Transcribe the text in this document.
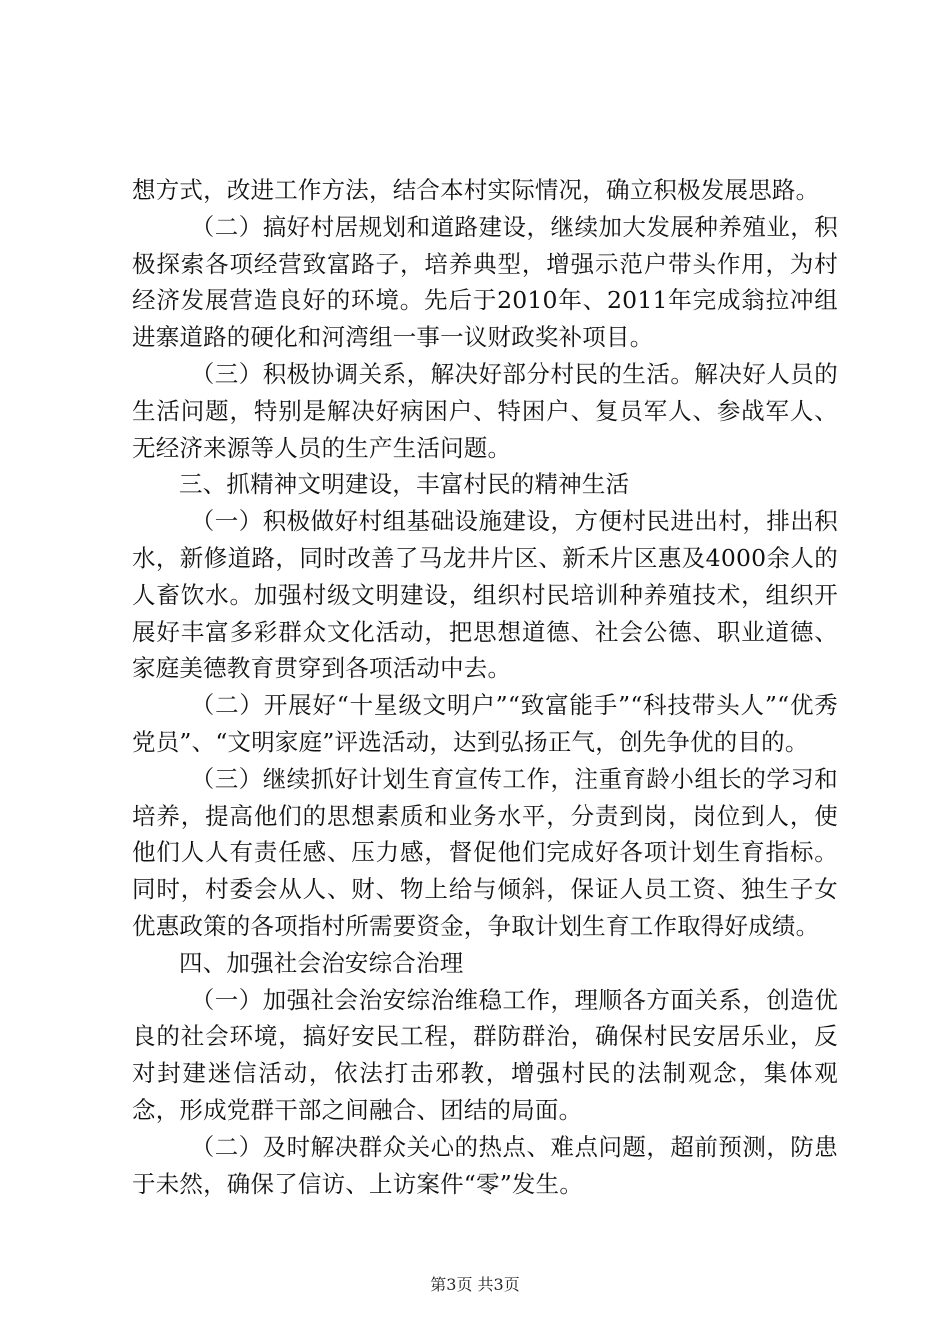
想方式，改进工作方法，结合本村实际情况，确立积极发展思路。

（二）搞好村居规划和道路建设，继续加大发展种养殖业，积极探索各项经营致富路子，培养典型，增强示范户带头作用，为村经济发展营造良好的环境。先后于2010年、2011年完成翁拉冲组进寨道路的硬化和河湾组一事一议财政奖补项目。

（三）积极协调关系，解决好部分村民的生活。解决好人员的生活问题，特别是解决好病困户、特困户、复员军人、参战军人、无经济来源等人员的生产生活问题。

三、抓精神文明建设，丰富村民的精神生活

（一）积极做好村组基础设施建设，方便村民进出村，排出积水，新修道路，同时改善了马龙井片区、新禾片区惠及4000余人的人畜饮水。加强村级文明建设，组织村民培训种养殖技术，组织开展好丰富多彩群众文化活动，把思想道德、社会公德、职业道德、家庭美德教育贯穿到各项活动中去。

（二）开展好“十星级文明户”“致富能手”“科技带头人”“优秀党员”、“文明家庭”评选活动，达到弘扬正气，创先争优的目的。

（三）继续抓好计划生育宣传工作，注重育龄小组长的学习和培养，提高他们的思想素质和业务水平，分责到岗，岗位到人，使他们人人有责任感、压力感，督促他们完成好各项计划生育指标。同时，村委会从人、财、物上给与倾斜，保证人员工资、独生子女优惠政策的各项指村所需要资金，争取计划生育工作取得好成绩。

四、加强社会治安综合治理

（一）加强社会治安综治维稳工作，理顺各方面关系，创造优良的社会环境，搞好安民工程，群防群治，确保村民安居乐业，反对封建迷信活动，依法打击邪教，增强村民的法制观念，集体观念，形成党群干部之间融合、团结的局面。

（二）及时解决群众关心的热点、难点问题，超前预测，防患于未然，确保了信访、上访案件“零”发生。

第3页 共3页
